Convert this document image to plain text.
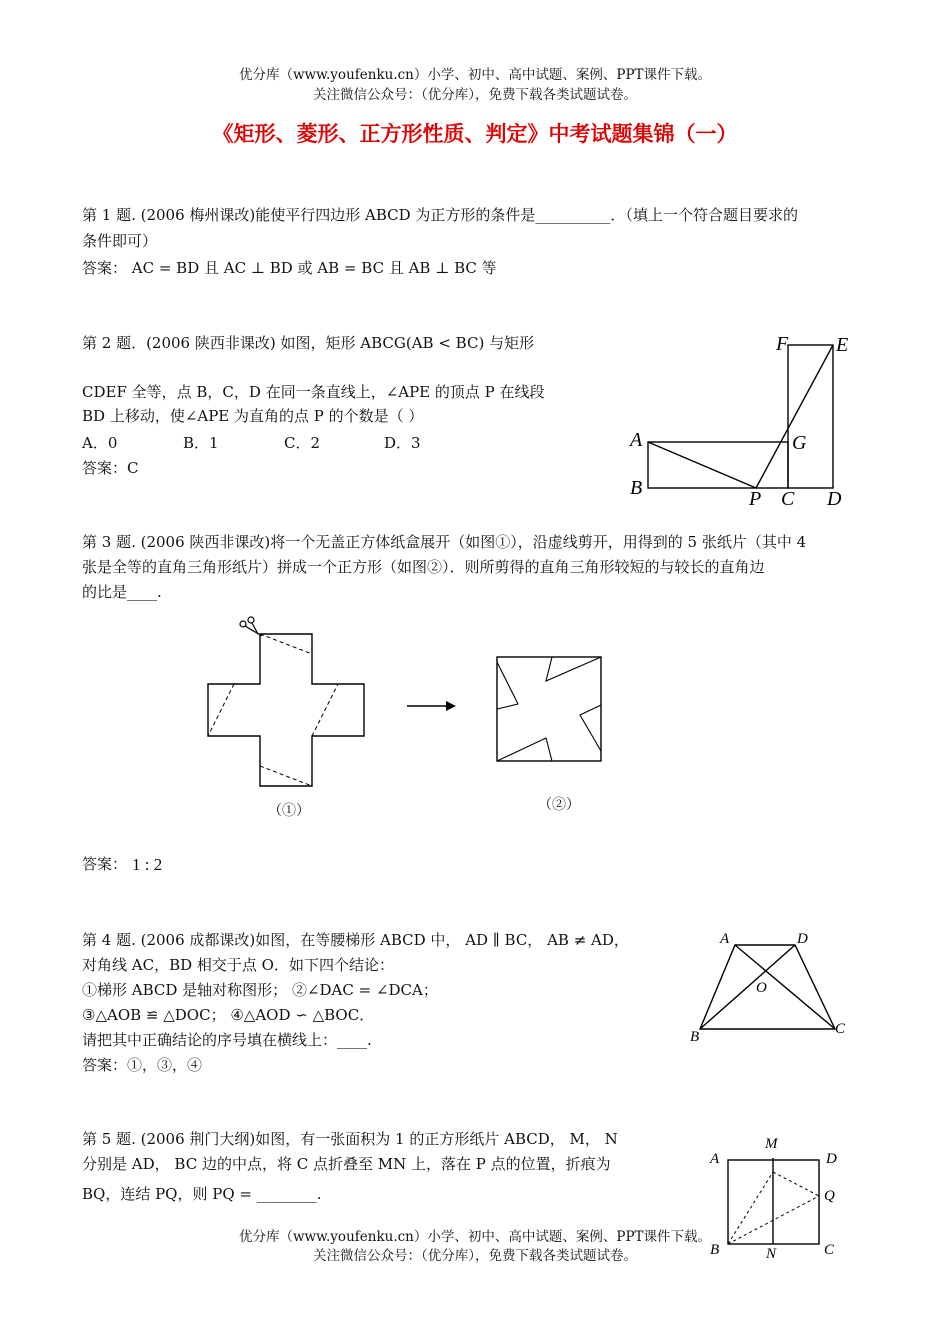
优分库（www.youfenku.cn）小学、初中、高中试题、案例、PPT课件下载。
关注微信公众号：（优分库），免费下载各类试题试卷。
《矩形、菱形、正方形性质、判定》中考试题集锦（一）
第 1 题. (2006 梅州课改)能使平行四边形 ABCD 为正方形的条件是__________．（填上一个符合题目要求的
条件即可）
答案： AC = BD 且 AC ⊥ BD 或 AB = BC 且 AB ⊥ BC 等
第 2 题．(2006 陕西非课改) 如图，矩形 ABCG(AB < BC) 与矩形
CDEF 全等，点 B，C，D 在同一条直线上，∠APE 的顶点 P 在线段
BD 上移动，使∠APE 为直角的点 P 的个数是（ ）
A．0	B．1	C．2	D．3
答案：C
F E
A	G
B	P C D
第 3 题. (2006 陕西非课改)将一个无盖正方体纸盒展开（如图①），沿虚线剪开，用得到的 5 张纸片（其中 4
张是全等的直角三角形纸片）拼成一个正方形（如图②）．则所剪得的直角三角形较短的与较长的直角边
的比是____.
（①）	（②）
答案： 1 : 2
第 4 题. (2006 成都课改)如图，在等腰梯形 ABCD 中， AD ∥ BC， AB ≠ AD，
对角线 AC，BD 相交于点 O．如下四个结论：
①梯形 ABCD 是轴对称图形； ②∠DAC = ∠DCA；
③△AOB ≌ △DOC； ④△AOD ∽ △BOC．
请把其中正确结论的序号填在横线上：____.
答案：①，③，④
A	D
O
B	C
第 5 题. (2006 荆门大纲)如图，有一张面积为 1 的正方形纸片 ABCD， M， N
分别是 AD， BC 边的中点，将 C 点折叠至 MN 上，落在 P 点的位置，折痕为
BQ，连结 PQ，则 PQ = ________.
M
A	D
Q
B	N	C
优分库（www.youfenku.cn）小学、初中、高中试题、案例、PPT课件下载。
关注微信公众号：（优分库），免费下载各类试题试卷。
